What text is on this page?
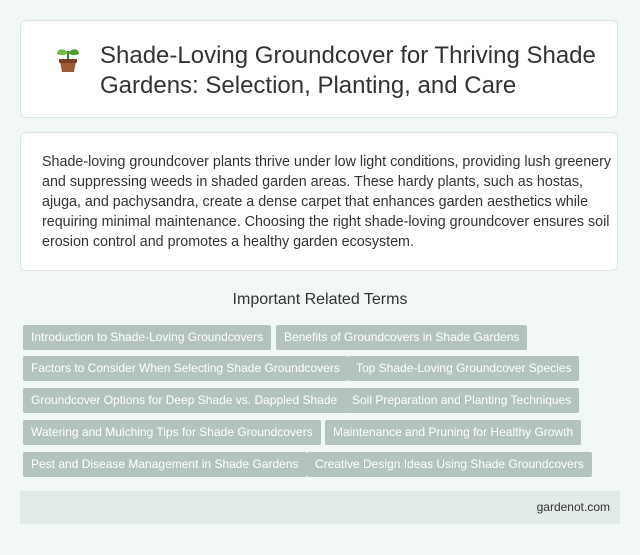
Shade-Loving Groundcover for Thriving Shade Gardens: Selection, Planting, and Care

Shade-loving groundcover plants thrive under low light conditions, providing lush greenery and suppressing weeds in shaded garden areas. These hardy plants, such as hostas, ajuga, and pachysandra, create a dense carpet that enhances garden aesthetics while requiring minimal maintenance. Choosing the right shade-loving groundcover ensures soil erosion control and promotes a healthy garden ecosystem.

Important Related Terms
Introduction to Shade-Loving Groundcovers	Benefits of Groundcovers in Shade Gardens
Factors to Consider When Selecting Shade Groundcovers	Top Shade-Loving Groundcover Species
Groundcover Options for Deep Shade vs. Dappled Shade	Soil Preparation and Planting Techniques
Watering and Mulching Tips for Shade Groundcovers	Maintenance and Pruning for Healthy Growth
Pest and Disease Management in Shade Gardens	Creative Design Ideas Using Shade Groundcovers
gardenot.com
